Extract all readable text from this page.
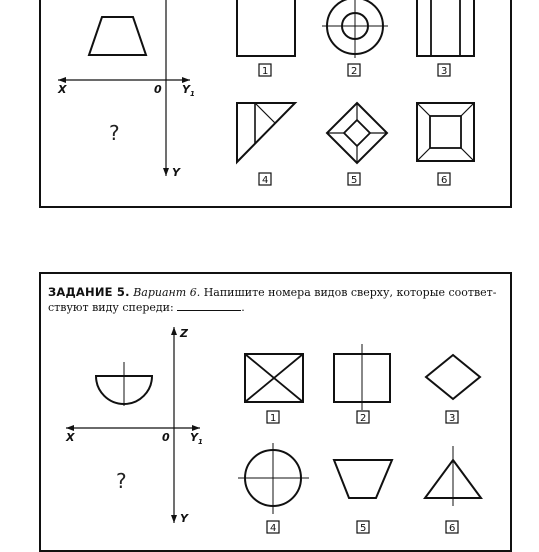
ЗАДАНИЕ 5. Вариант 6. Напишите номера видов сверху, которые соответ-
ствуют виду спереди:	.
X	0 $Y_1$
Y
?
1	2	3
4	5	6
Z
X	0 $Y_1$
Y
?
1	2	3
4	5	6
